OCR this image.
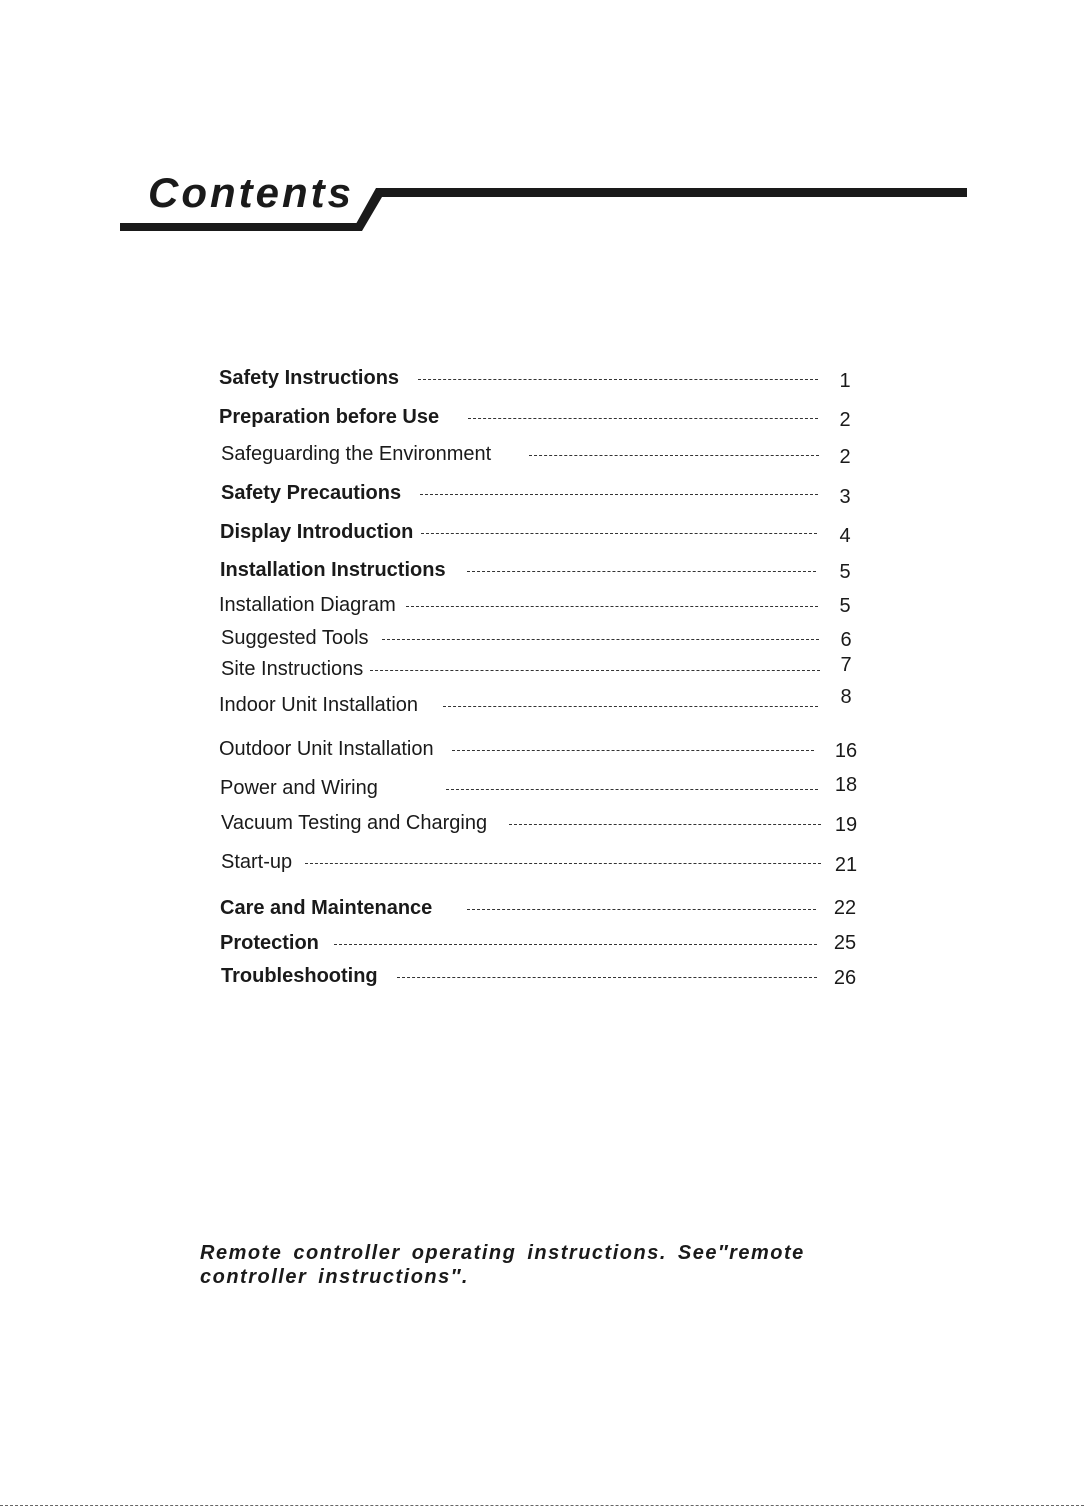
Contents
Safety Instructions	1
Preparation before Use	2
Safeguarding the Environment	2
Safety Precautions	3
Display Introduction	4
Installation Instructions	5
Installation Diagram	5
Suggested Tools	6
Site Instructions	7
Indoor Unit Installation	8
Outdoor Unit Installation	16
Power and Wiring	18
Vacuum Testing and Charging	19
Start-up	21
Care and Maintenance	22
Protection	25
Troubleshooting	26

Remote controller operating instructions. See″remote controller instructions″.
